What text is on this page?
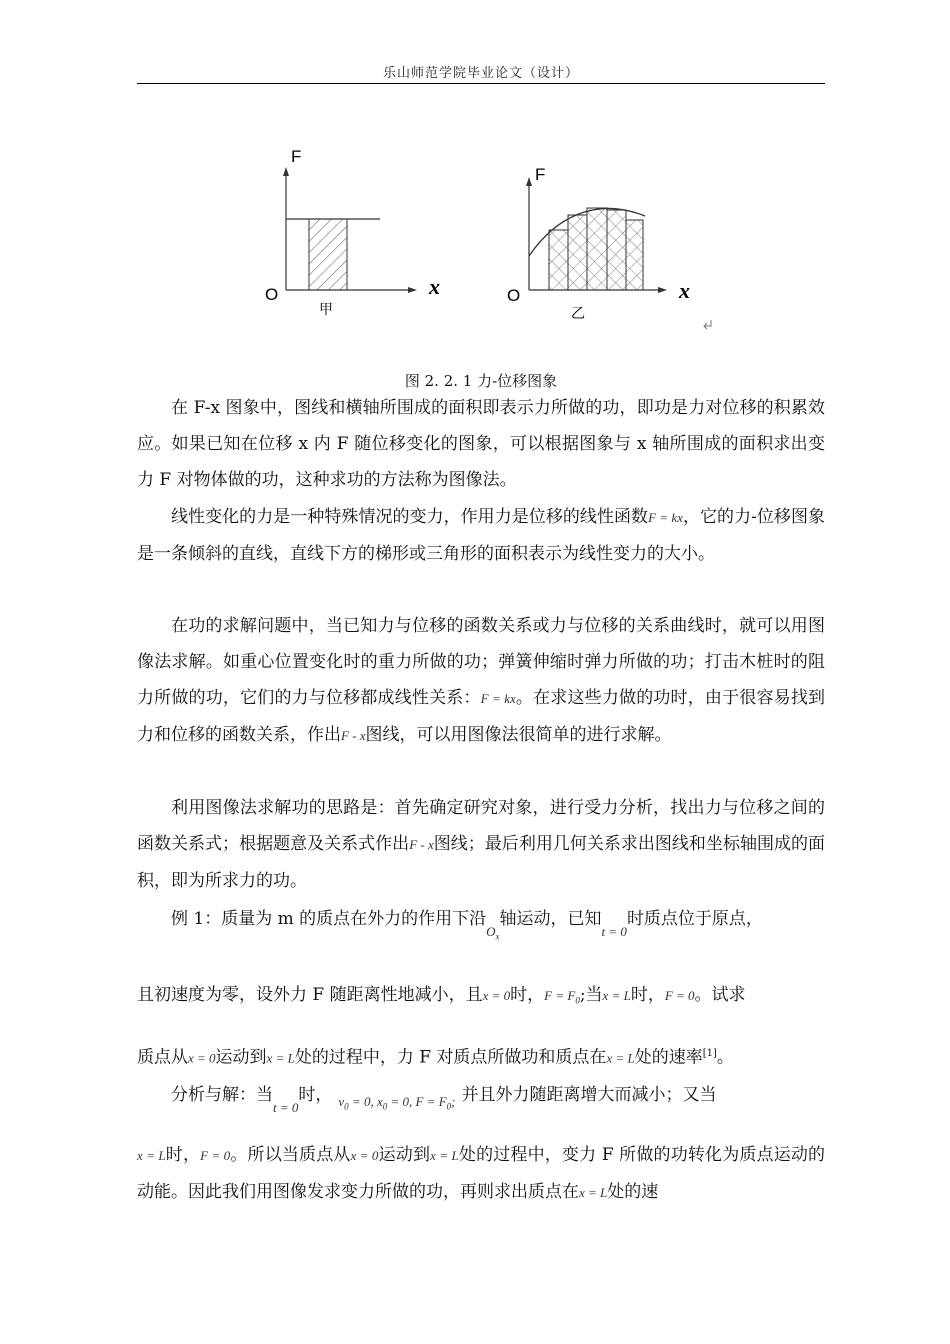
乐山师范学院毕业论文（设计）
F
O	x
甲
F
O	x
乙
图 2. 2. 1 力-位移图象

在 F-x 图象中，图线和横轴所围成的面积即表示力所做的功，即功是力对位移的积累效应。如果已知在位移 x 内 F 随位移变化的图象，可以根据图象与 x 轴所围成的面积求出变力 F 对物体做的功，这种求功的方法称为图像法。

线性变化的力是一种特殊情况的变力，作用力是位移的线性函数F = kx，它的力-位移图象是一条倾斜的直线，直线下方的梯形或三角形的面积表示为线性变力的大小。

在功的求解问题中，当已知力与位移的函数关系或力与位移的关系曲线时，就可以用图像法求解。如重心位置变化时的重力所做的功；弹簧伸缩时弹力所做的功；打击木桩时的阻力所做的功，它们的力与位移都成线性关系：F = kx。在求这些力做的功时，由于很容易找到力和位移的函数关系，作出F - x图线，可以用图像法很简单的进行求解。

利用图像法求解功的思路是：首先确定研究对象，进行受力分析，找出力与位移之间的函数关系式；根据题意及关系式作出F - x图线；最后利用几何关系求出图线和坐标轴围成的面积，即为所求力的功。

例 1：质量为 m 的质点在外力的作用下沿$_{O_x}$轴运动，已知$_{t = 0}$时质点位于原点，

且初速度为零，设外力 F 随距离性地减小，且x = 0时，$F = F_0$;当x = L时，F = 0。试求

质点从x = 0运动到x = L处的过程中，力 F 对质点所做功和质点在x = L处的速率[1]。

分析与解：当$_{t = 0}$时， $_{v_0 = 0, x_0 = 0, F = F_0;}$ 并且外力随距离增大而减小；又当

x = L时，F = 0。所以当质点从x = 0运动到x = L处的过程中，变力 F 所做的功转化为质点运动的动能。因此我们用图像发求变力所做的功，再则求出质点在x = L处的速
